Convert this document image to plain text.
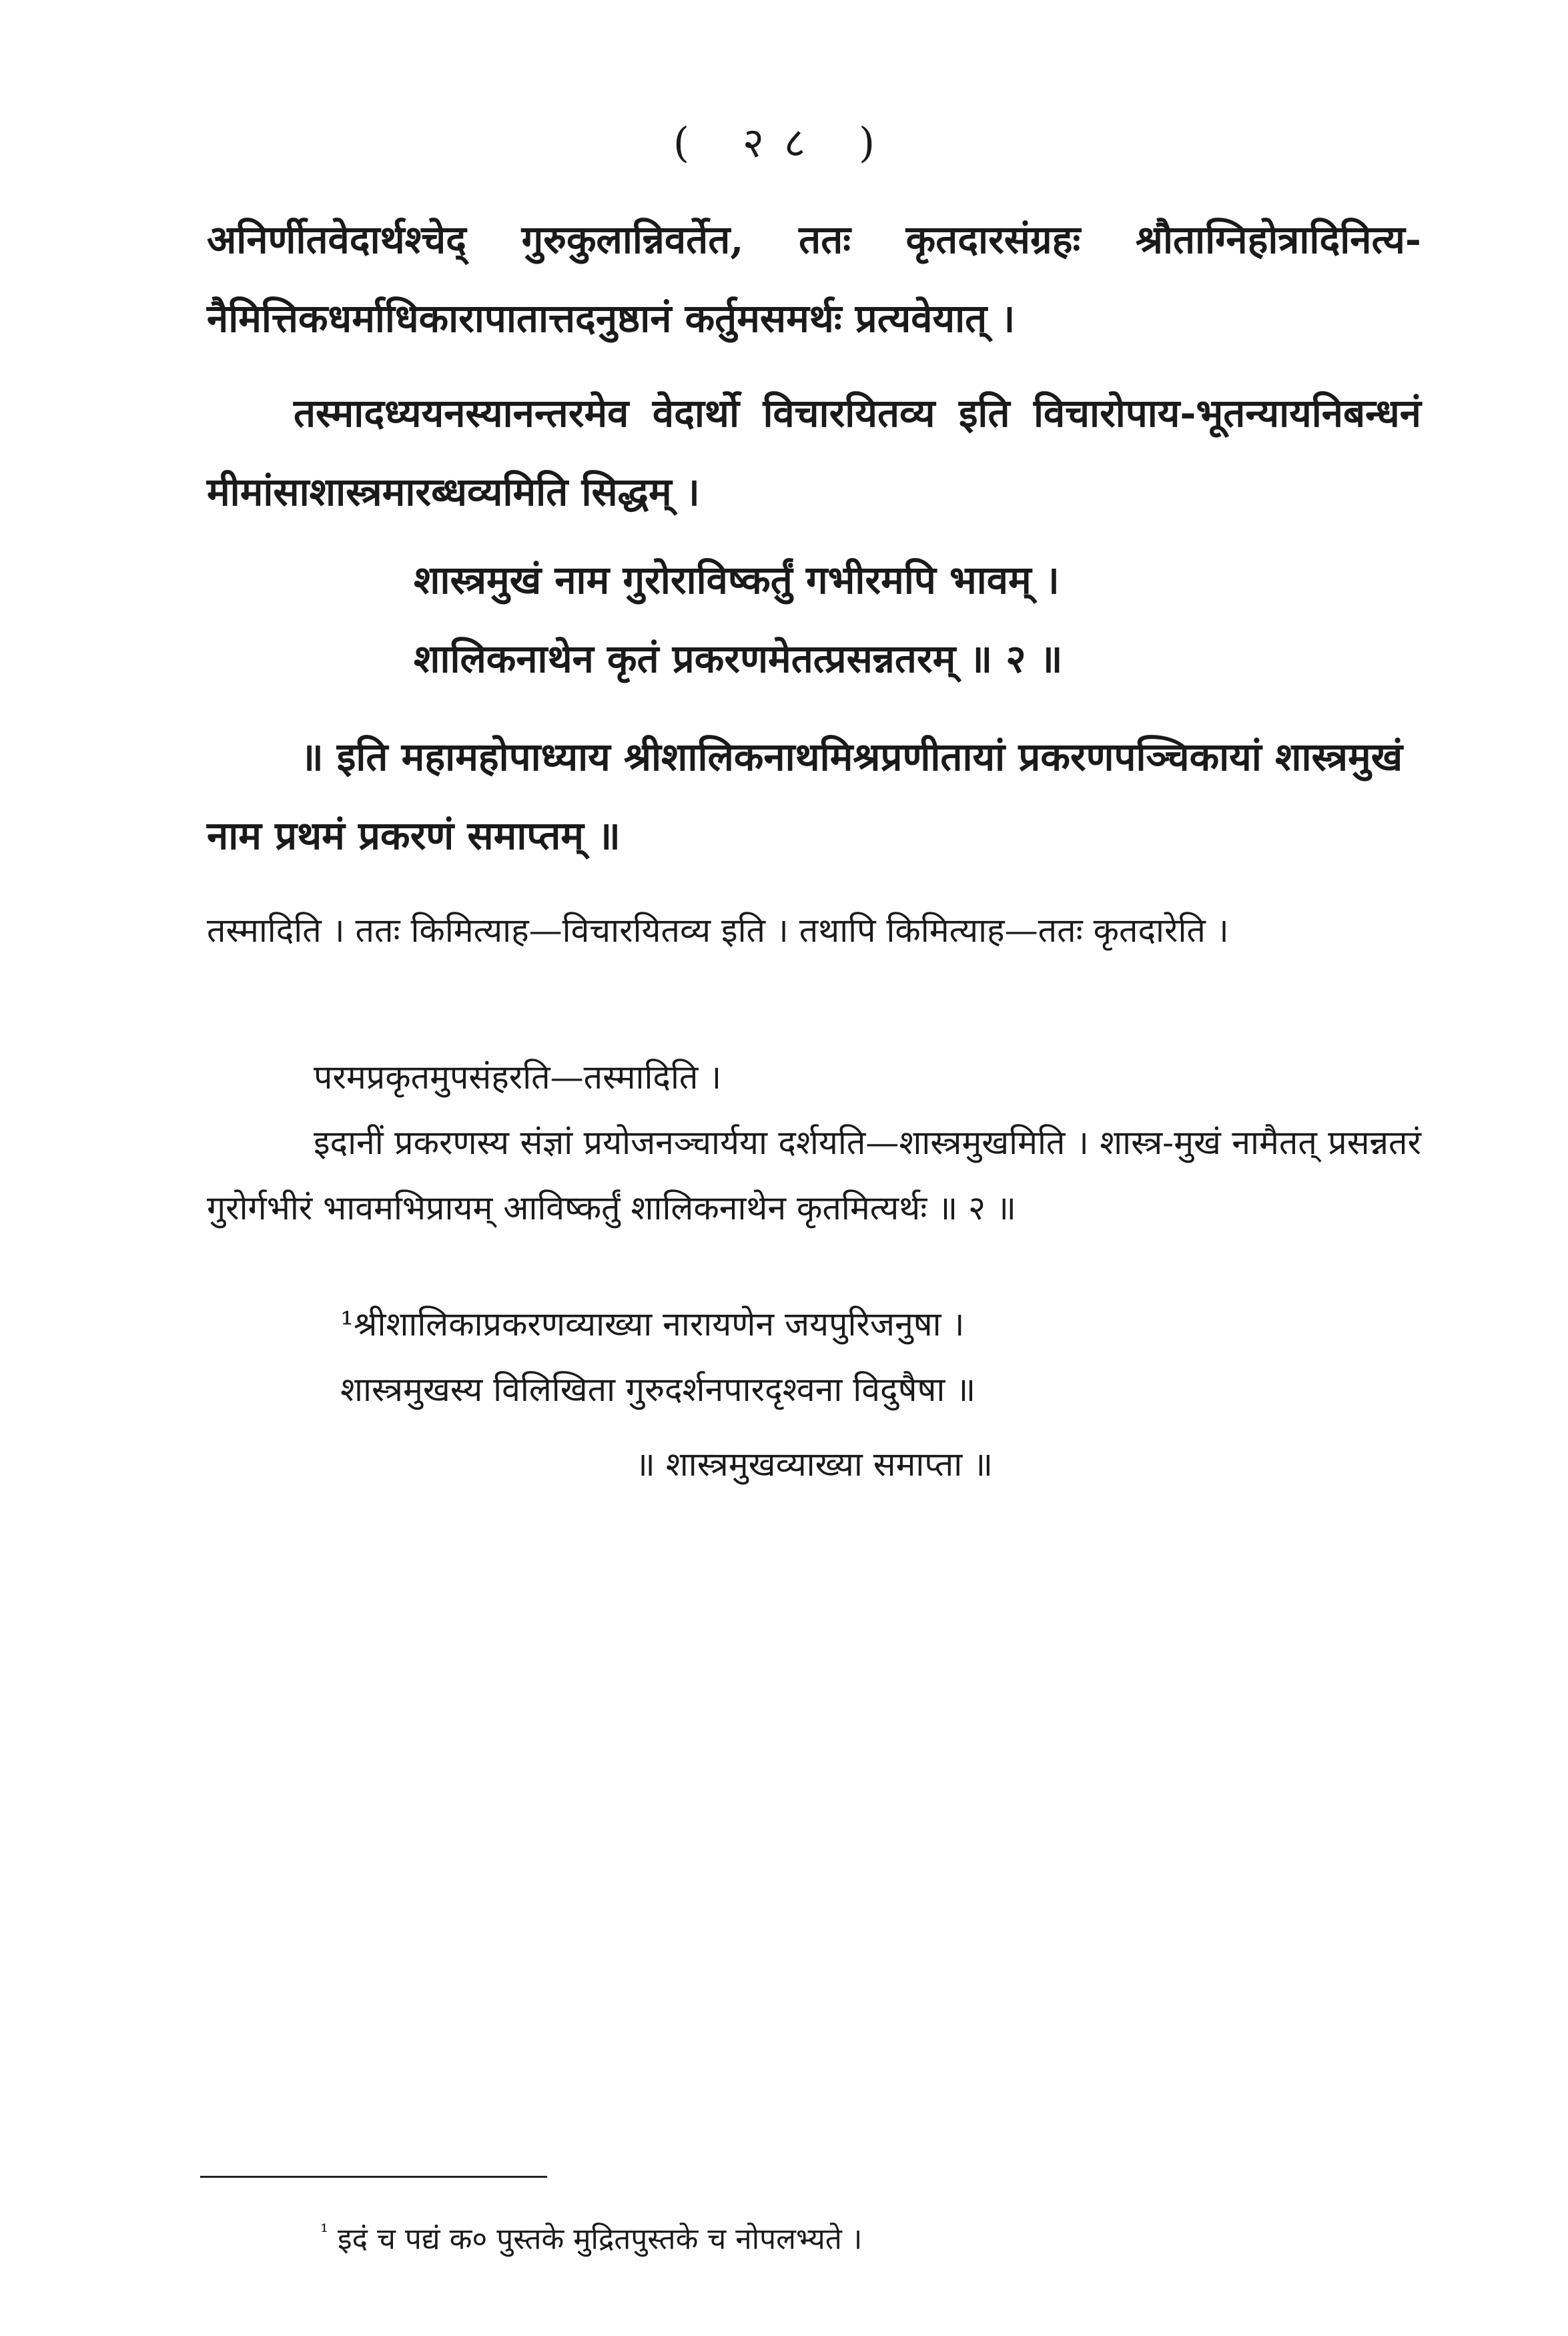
( २८ )

अनिर्णीतवेदार्थश्चेद् गुरुकुलान्निवर्तेत, ततः कृतदारसंग्रहः श्रौताग्निहोत्रादिनित्य-नैमित्तिकधर्माधिकारापातात्तदनुष्ठानं कर्तुमसमर्थः प्रत्यवेयात् ।

तस्मादध्ययनस्यानन्तरमेव वेदार्थो विचारयितव्य इति विचारोपाय-भूतन्यायनिबन्धनं मीमांसाशास्त्रमारब्धव्यमिति सिद्धम् ।

शास्त्रमुखं नाम गुरोराविष्कर्तुं गभीरमपि भावम् ।

शालिकनाथेन कृतं प्रकरणमेतत्प्रसन्नतरम् ॥ २ ॥

॥ इति महामहोपाध्याय श्रीशालिकनाथमिश्रप्रणीतायां प्रकरणपञ्चिकायां शास्त्रमुखं नाम प्रथमं प्रकरणं समाप्तम् ॥

तस्मादिति । ततः किमित्याह—विचारयितव्य इति । तथापि किमित्याह—ततः कृतदारेति ।

परमप्रकृतमुपसंहरति—तस्मादिति ।

इदानीं प्रकरणस्य संज्ञां प्रयोजनञ्चार्यया दर्शयति—शास्त्रमुखमिति । शास्त्र-मुखं नामैतत् प्रसन्नतरं गुरोर्गभीरं भावमभिप्रायम् आविष्कर्तुं शालिकनाथेन कृतमित्यर्थः ॥ २ ॥

¹श्रीशालिकाप्रकरणव्याख्या नारायणेन जयपुरिजनुषा ।

शास्त्रमुखस्य विलिखिता गुरुदर्शनपारदृश्वना विदुषैषा ॥

॥ शास्त्रमुखव्याख्या समाप्ता ॥

$^{^1}$ इदं च पद्यं क० पुस्तके मुद्रितपुस्तके च नोपलभ्यते ।
